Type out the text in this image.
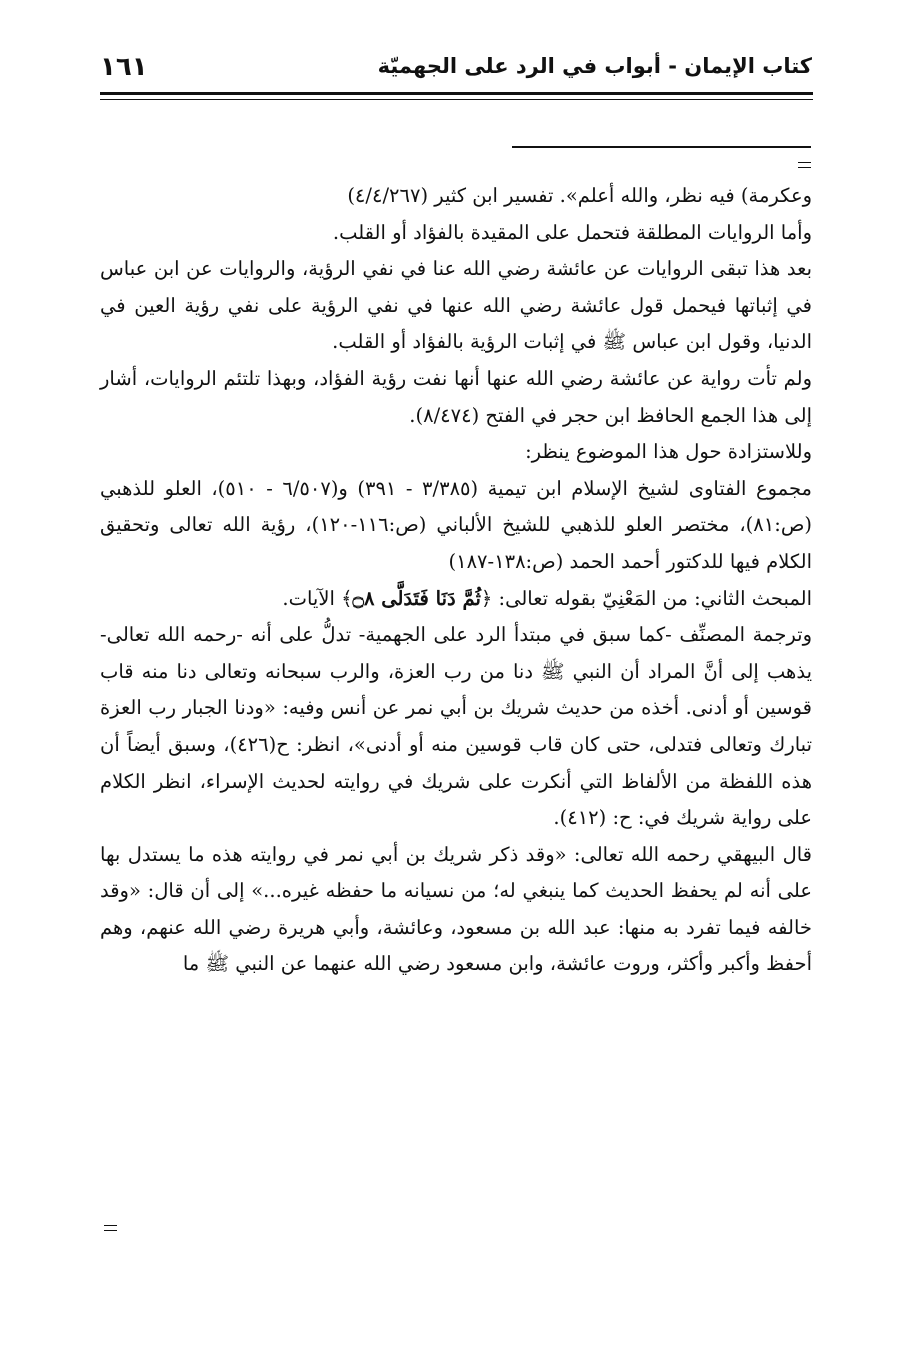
كتاب الإيمان - أبواب في الرد على الجهميّة
١٦١

وعكرمة) فيه نظر، والله أعلم». تفسير ابن كثير (٤/٤/٢٦٧)

وأما الروايات المطلقة فتحمل على المقيدة بالفؤاد أو القلب.

بعد هذا تبقى الروايات عن عائشة رضي الله عنا في نفي الرؤية، والروايات عن ابن عباس في إثباتها فيحمل قول عائشة رضي الله عنها في نفي الرؤية على نفي رؤية العين في الدنيا، وقول ابن عباس ﷺ في إثبات الرؤية بالفؤاد أو القلب.

ولم تأت رواية عن عائشة رضي الله عنها أنها نفت رؤية الفؤاد، وبهذا تلتئم الروايات، أشار إلى هذا الجمع الحافظ ابن حجر في الفتح (٨/٤٧٤).

وللاستزادة حول هذا الموضوع ينظر:

مجموع الفتاوى لشيخ الإسلام ابن تيمية (٣/٣٨٥ - ٣٩١) و(٦/٥٠٧ - ٥١٠)، العلو للذهبي (ص:٨١)، مختصر العلو للذهبي للشيخ الألباني (ص:١١٦-١٢٠)، رؤية الله تعالى وتحقيق الكلام فيها للدكتور أحمد الحمد (ص:١٣٨-١٨٧)

المبحث الثاني: من المَعْنِيّ بقوله تعالى: ﴿ثُمَّ دَنَا فَتَدَلَّى ۝٨﴾ الآيات.

وترجمة المصنِّف -كما سبق في مبتدأ الرد على الجهمية- تدلُّ على أنه -رحمه الله تعالى- يذهب إلى أنَّ المراد أن النبي ﷺ دنا من رب العزة، والرب سبحانه وتعالى دنا منه قاب قوسين أو أدنى. أخذه من حديث شريك بن أبي نمر عن أنس وفيه: «ودنا الجبار رب العزة تبارك وتعالى فتدلى، حتى كان قاب قوسين منه أو أدنى»، انظر: ح(٤٢٦)، وسبق أيضاً أن هذه اللفظة من الألفاظ التي أنكرت على شريك في روايته لحديث الإسراء، انظر الكلام على رواية شريك في: ح: (٤١٢).

قال البيهقي رحمه الله تعالى: «وقد ذكر شريك بن أبي نمر في روايته هذه ما يستدل بها على أنه لم يحفظ الحديث كما ينبغي له؛ من نسيانه ما حفظه غيره...» إلى أن قال: «وقد خالفه فيما تفرد به منها: عبد الله بن مسعود، وعائشة، وأبي هريرة رضي الله عنهم، وهم أحفظ وأكبر وأكثر، وروت عائشة، وابن مسعود رضي الله عنهما عن النبي ﷺ ما
